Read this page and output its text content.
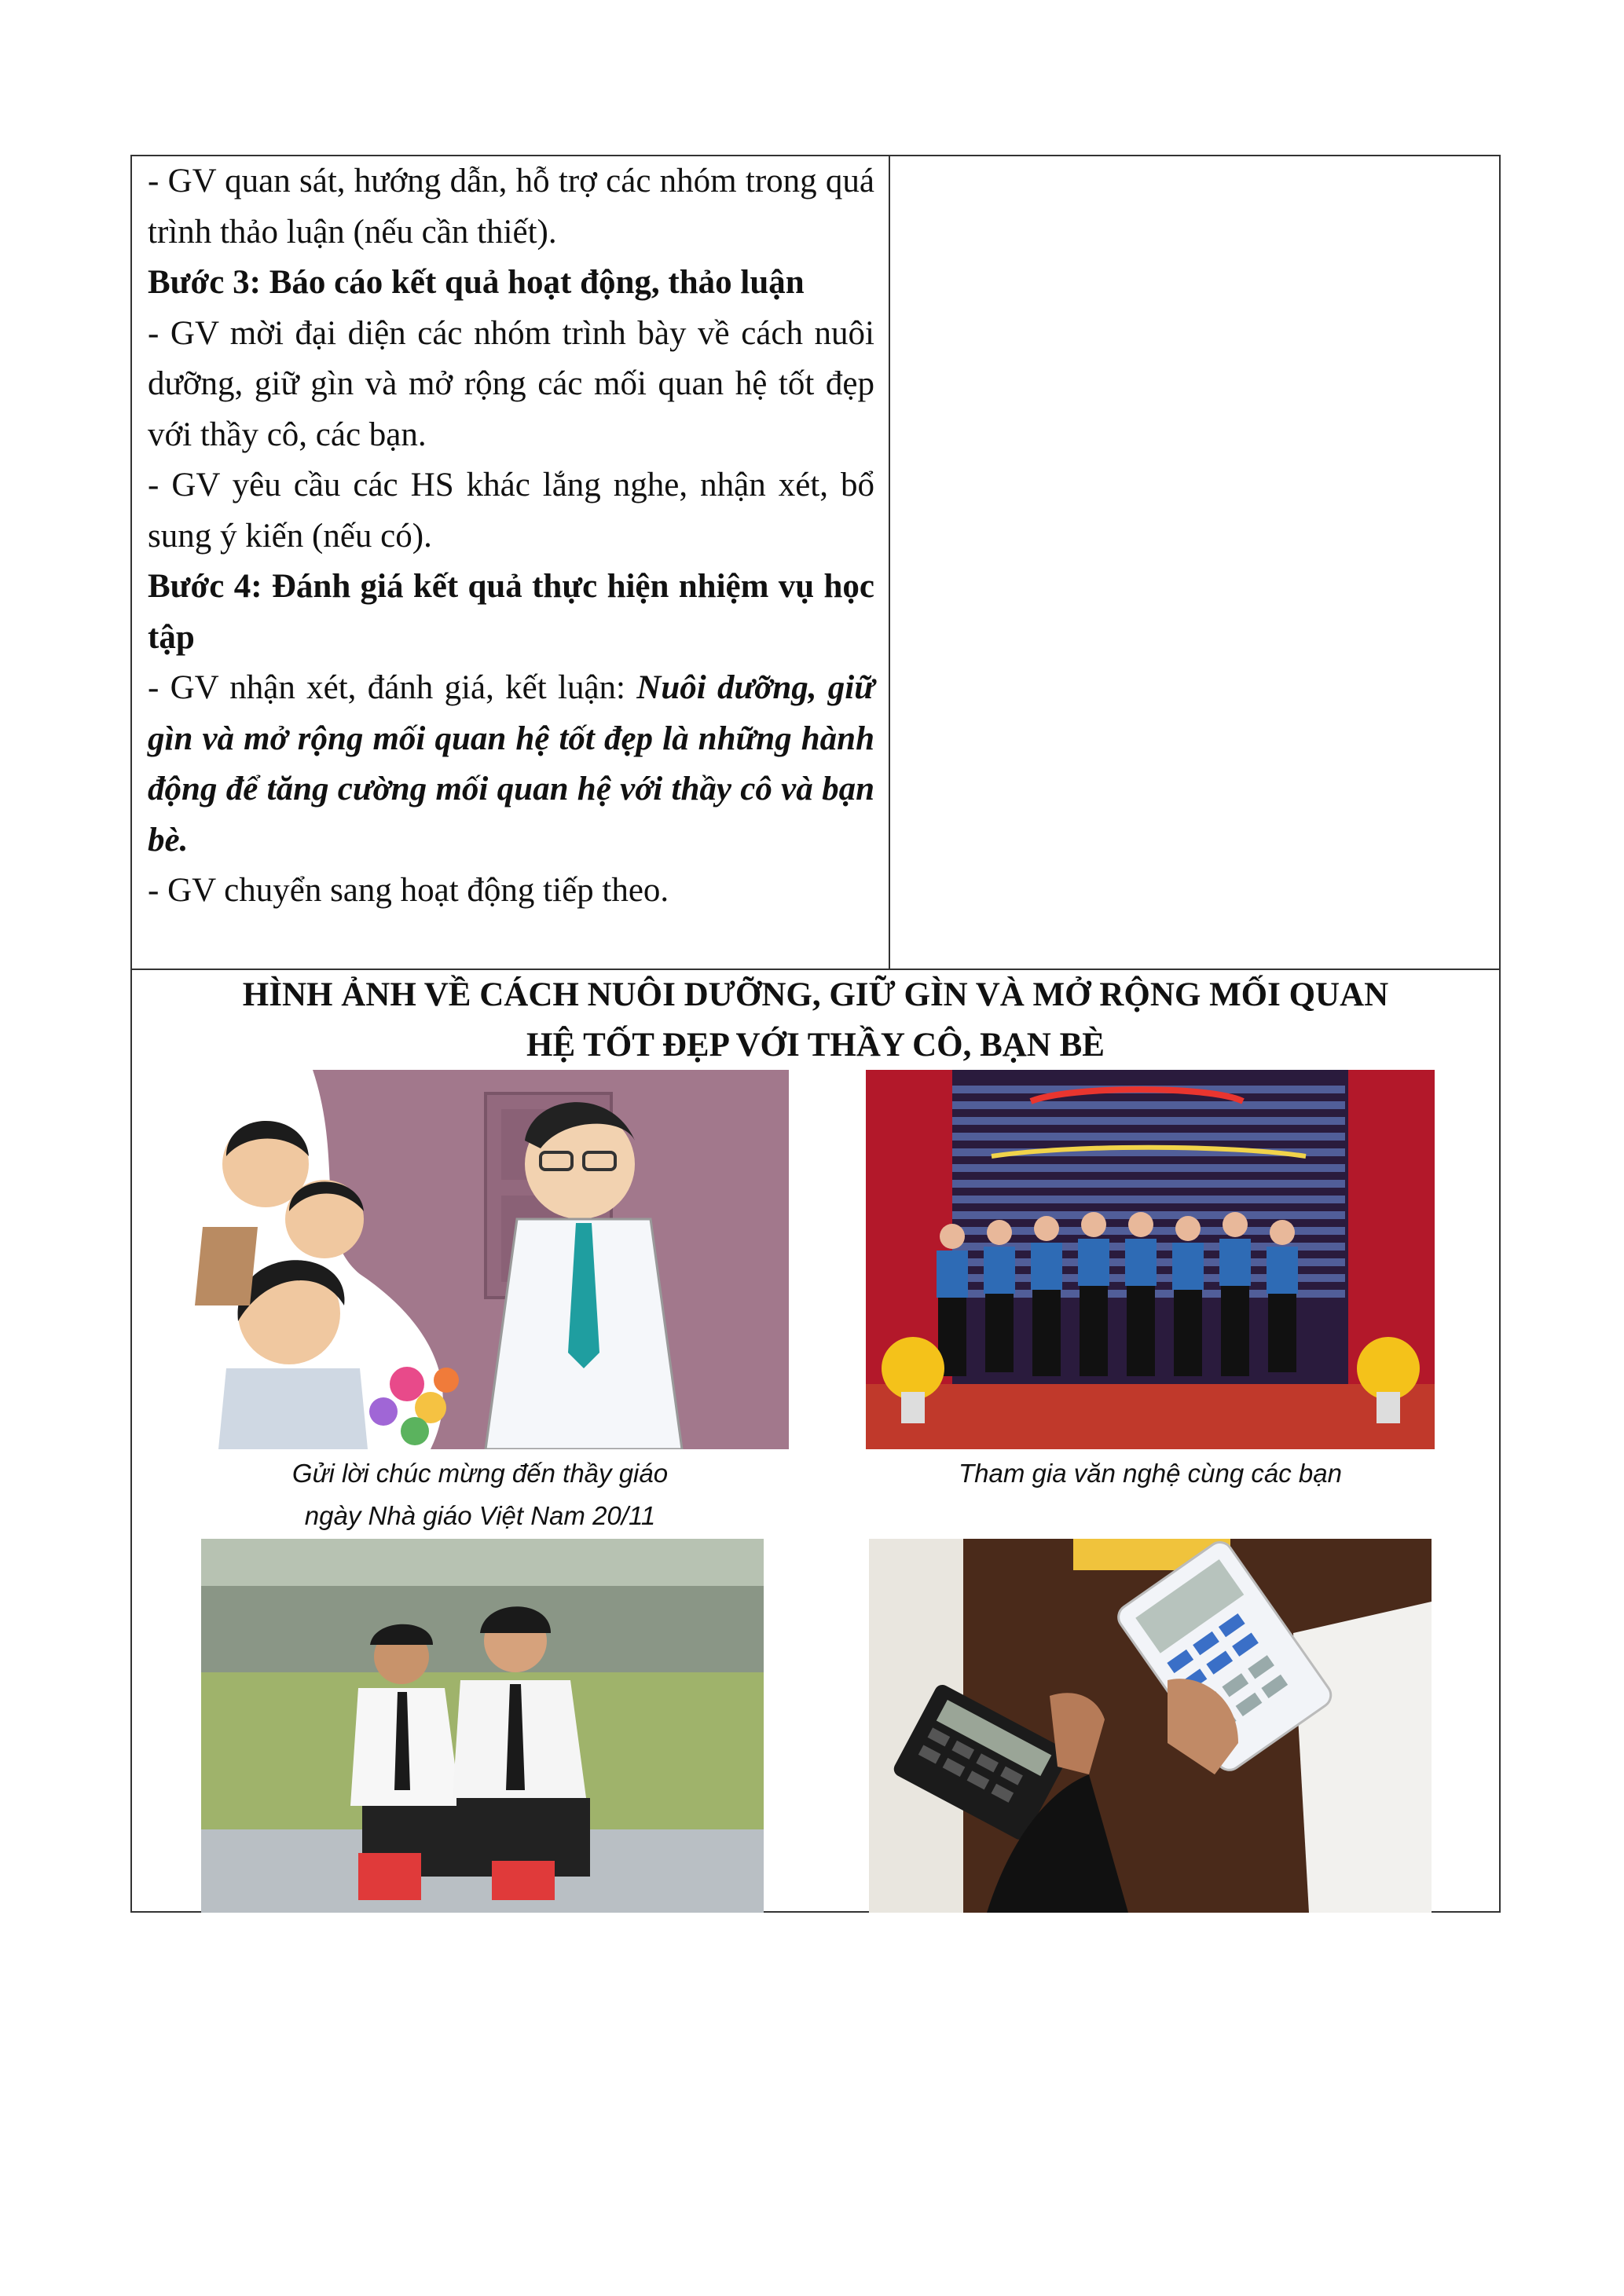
- GV quan sát, hướng dẫn, hỗ trợ các nhóm trong quá trình thảo luận (nếu cần thiết).

Bước 3: Báo cáo kết quả hoạt động, thảo luận

- GV mời đại diện các nhóm trình bày về cách nuôi dưỡng, giữ gìn và mở rộng các mối quan hệ tốt đẹp với thầy cô, các bạn.

- GV yêu cầu các HS khác lắng nghe, nhận xét, bổ sung ý kiến (nếu có).

Bước 4: Đánh giá kết quả thực hiện nhiệm vụ học tập

- GV nhận xét, đánh giá, kết luận: Nuôi dưỡng, giữ gìn và mở rộng mối quan hệ tốt đẹp là những hành động để tăng cường mối quan hệ với thầy cô và bạn bè.

- GV chuyển sang hoạt động tiếp theo.

HÌNH ẢNH VỀ CÁCH NUÔI DƯỠNG, GIỮ GÌN VÀ MỞ RỘNG MỐI QUAN
HỆ TỐT ĐẸP VỚI THẦY CÔ, BẠN BÈ
Gửi lời chúc mừng đến thầy giáo
ngày Nhà giáo Việt Nam 20/11
Tham gia văn nghệ cùng các bạn
